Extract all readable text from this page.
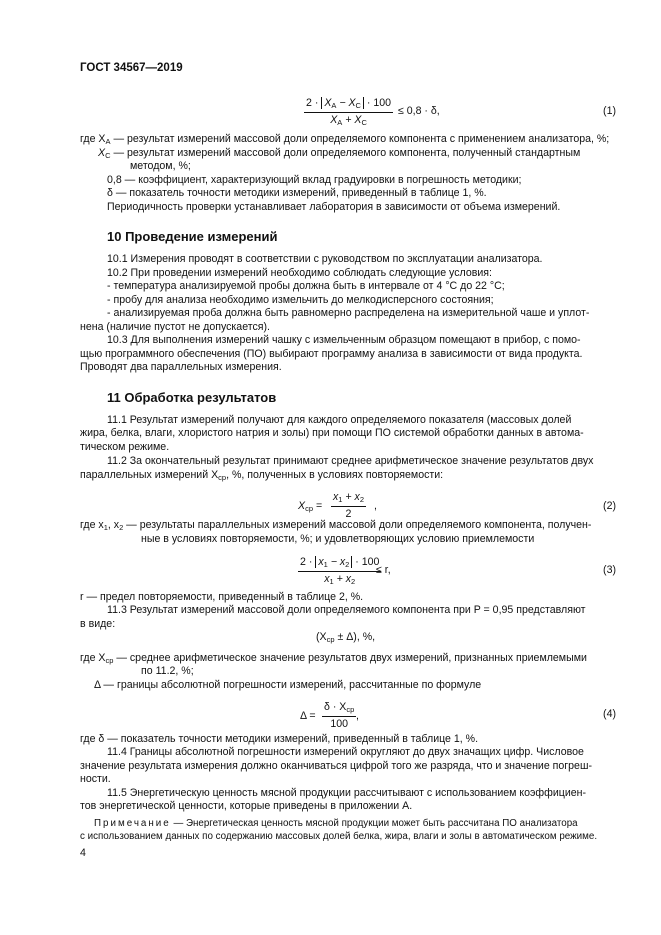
ГОСТ 34567—2019
$\frac{2 \cdot X_A - X_C \cdot 100}{X_A + X_C} \le 0,8 \cdot \delta$,	(1)
где $X_A$ — результат измерений массовой доли определяемого компонента с применением анализатора, %;
$X_C$ — результат измерений массовой доли определяемого компонента, полученный стандартным
методом, %;
0,8 — коэффициент, характеризующий вклад градуировки в погрешность методики;
δ — показатель точности методики измерений, приведенный в таблице 1, %.
Периодичность проверки устанавливает лаборатория в зависимости от объема измерений.
10 Проведение измерений
10.1 Измерения проводят в соответствии с руководством по эксплуатации анализатора.
10.2 При проведении измерений необходимо соблюдать следующие условия:
- температура анализируемой пробы должна быть в интервале от 4 °С до 22 °С;
- пробу для анализа необходимо измельчить до мелкодисперсного состояния;
- анализируемая проба должна быть равномерно распределена на измерительной чаше и уплот-
нена (наличие пустот не допускается).
10.3 Для выполнения измерений чашку с измельченным образцом помещают в прибор, с помо-
щью программного обеспечения (ПО) выбирают программу анализа в зависимости от вида продукта.
Проводят два параллельных измерения.
11 Обработка результатов
11.1 Результат измерений получают для каждого определяемого показателя (массовых долей
жира, белка, влаги, хлористого натрия и золы) при помощи ПО системой обработки данных в автома-
тическом режиме.
11.2 За окончательный результат принимают среднее арифметическое значение результатов двух
параллельных измерений $X_{ср}$, %, полученных в условиях повторяемости:
$X_{ср} = \frac{x_1 + x_2}{2}$ ,	(2)
где $x_1$, $x_2$ — результаты параллельных измерений массовой доли определяемого компонента, получен-
ные в условиях повторяемости, %; и удовлетворяющих условию приемлемости
$\frac{2 \cdot x_1 - x_2 \cdot 100}{x_1 + x_2}$
≤ r,	(3)
r — предел повторяемости, приведенный в таблице 2, %.
11.3 Результат измерений массовой доли определяемого компонента при P = 0,95 представляют
в виде:
$(X_{ср} \pm \Delta)$, %,
где $X_{ср}$ — среднее арифметическое значение результатов двух измерений, признанных приемлемыми
по 11.2, %;
Δ — границы абсолютной погрешности измерений, рассчитанные по формуле
Δ =
$\delta \cdot X_{ср}$
100
,	(4)
где δ — показатель точности методики измерений, приведенный в таблице 1, %.
11.4 Границы абсолютной погрешности измерений округляют до двух значащих цифр. Числовое
значение результата измерения должно оканчиваться цифрой того же разряда, что и значение погреш-
ности.
11.5 Энергетическую ценность мясной продукции рассчитывают с использованием коэффициен-
тов энергетической ценности, которые приведены в приложении А.
Примечание — Энергетическая ценность мясной продукции может быть рассчитана ПО анализатора
с использованием данных по содержанию массовых долей белка, жира, влаги и золы в автоматическом режиме.
4
